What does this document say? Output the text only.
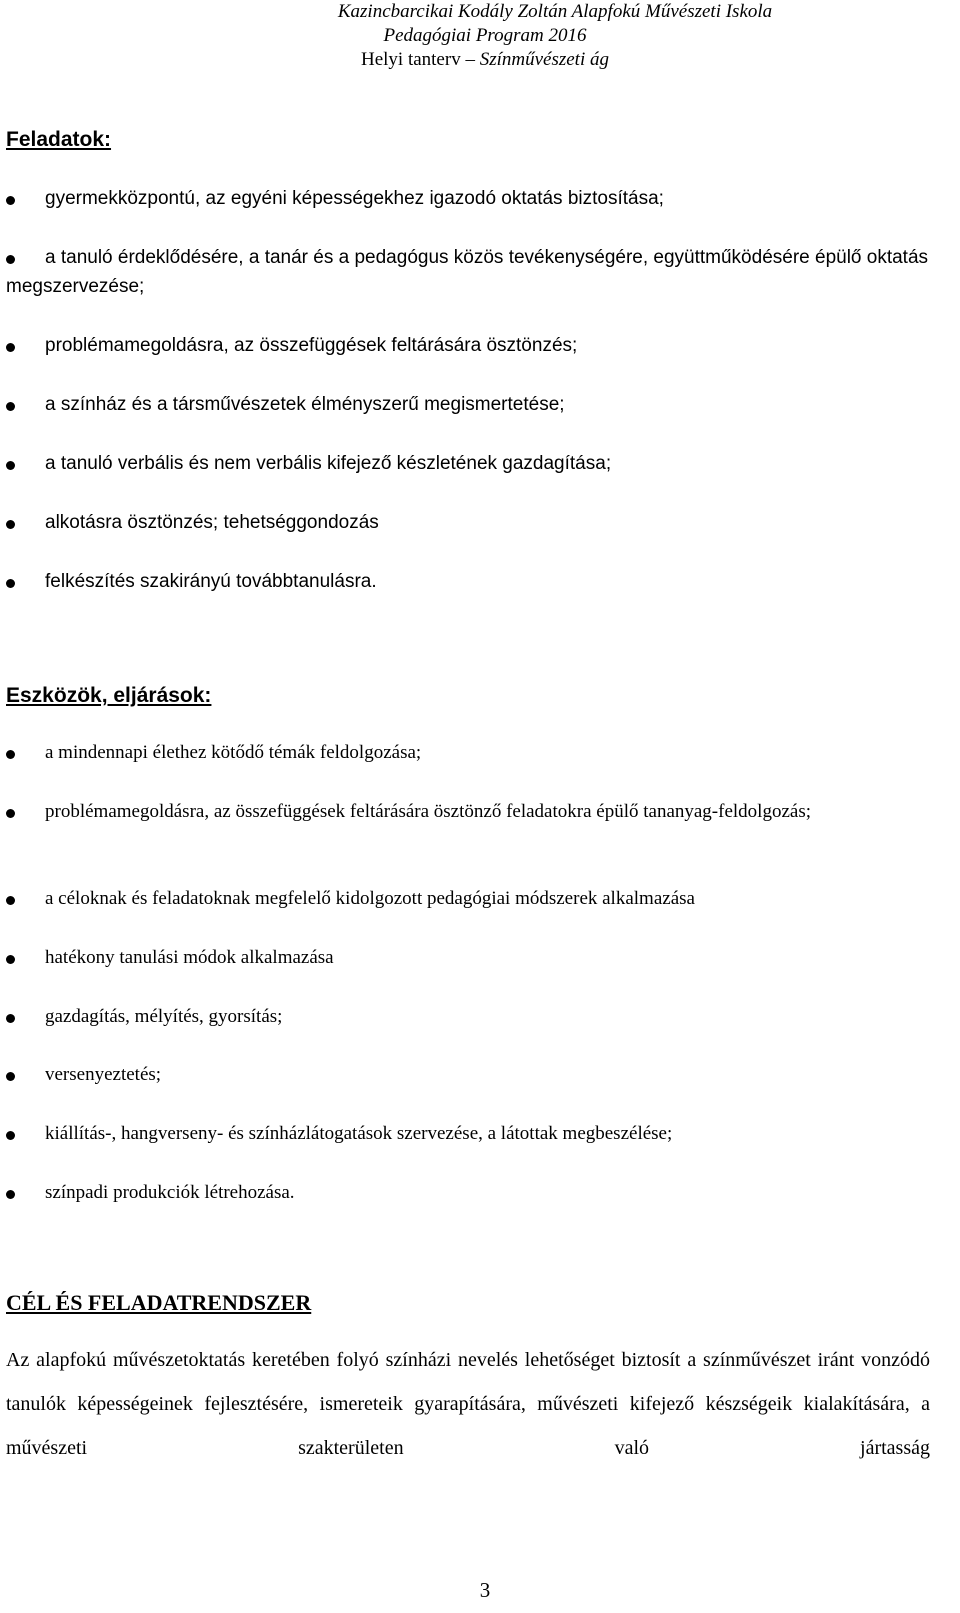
Kazincbarcikai Kodály Zoltán Alapfokú Művészeti Iskola
Pedagógiai Program 2016
Helyi tanterv – Színművészeti ág
Feladatok:
gyermekközpontú, az egyéni képességekhez igazodó oktatás biztosítása;
a tanuló érdeklődésére, a tanár és a pedagógus közös tevékenységére, együttműködésére épülő oktatás megszervezése;
problémamegoldásra, az összefüggések feltárására ösztönzés;
a színház és a társművészetek élményszerű megismertetése;
a tanuló verbális és nem verbális kifejező készletének gazdagítása;
alkotásra ösztönzés; tehetséggondozás
felkészítés szakirányú továbbtanulásra.
Eszközök, eljárások:
a mindennapi élethez kötődő témák feldolgozása;
problémamegoldásra, az összefüggések feltárására ösztönző feladatokra épülő tananyag-feldolgozás;
a céloknak és feladatoknak megfelelő kidolgozott pedagógiai módszerek alkalmazása
hatékony tanulási módok alkalmazása
gazdagítás, mélyítés, gyorsítás;
versenyeztetés;
kiállítás-, hangverseny- és színházlátogatások szervezése, a látottak megbeszélése;
színpadi produkciók létrehozása.
CÉL ÉS FELADATRENDSZER
Az alapfokú művészetoktatás keretében folyó színházi nevelés lehetőséget biztosít a színművészet iránt vonzódó tanulók képességeinek fejlesztésére, ismereteik gyarapítására, művészeti kifejező készségeik kialakítására, a művészeti szakterületen való jártasság
3
